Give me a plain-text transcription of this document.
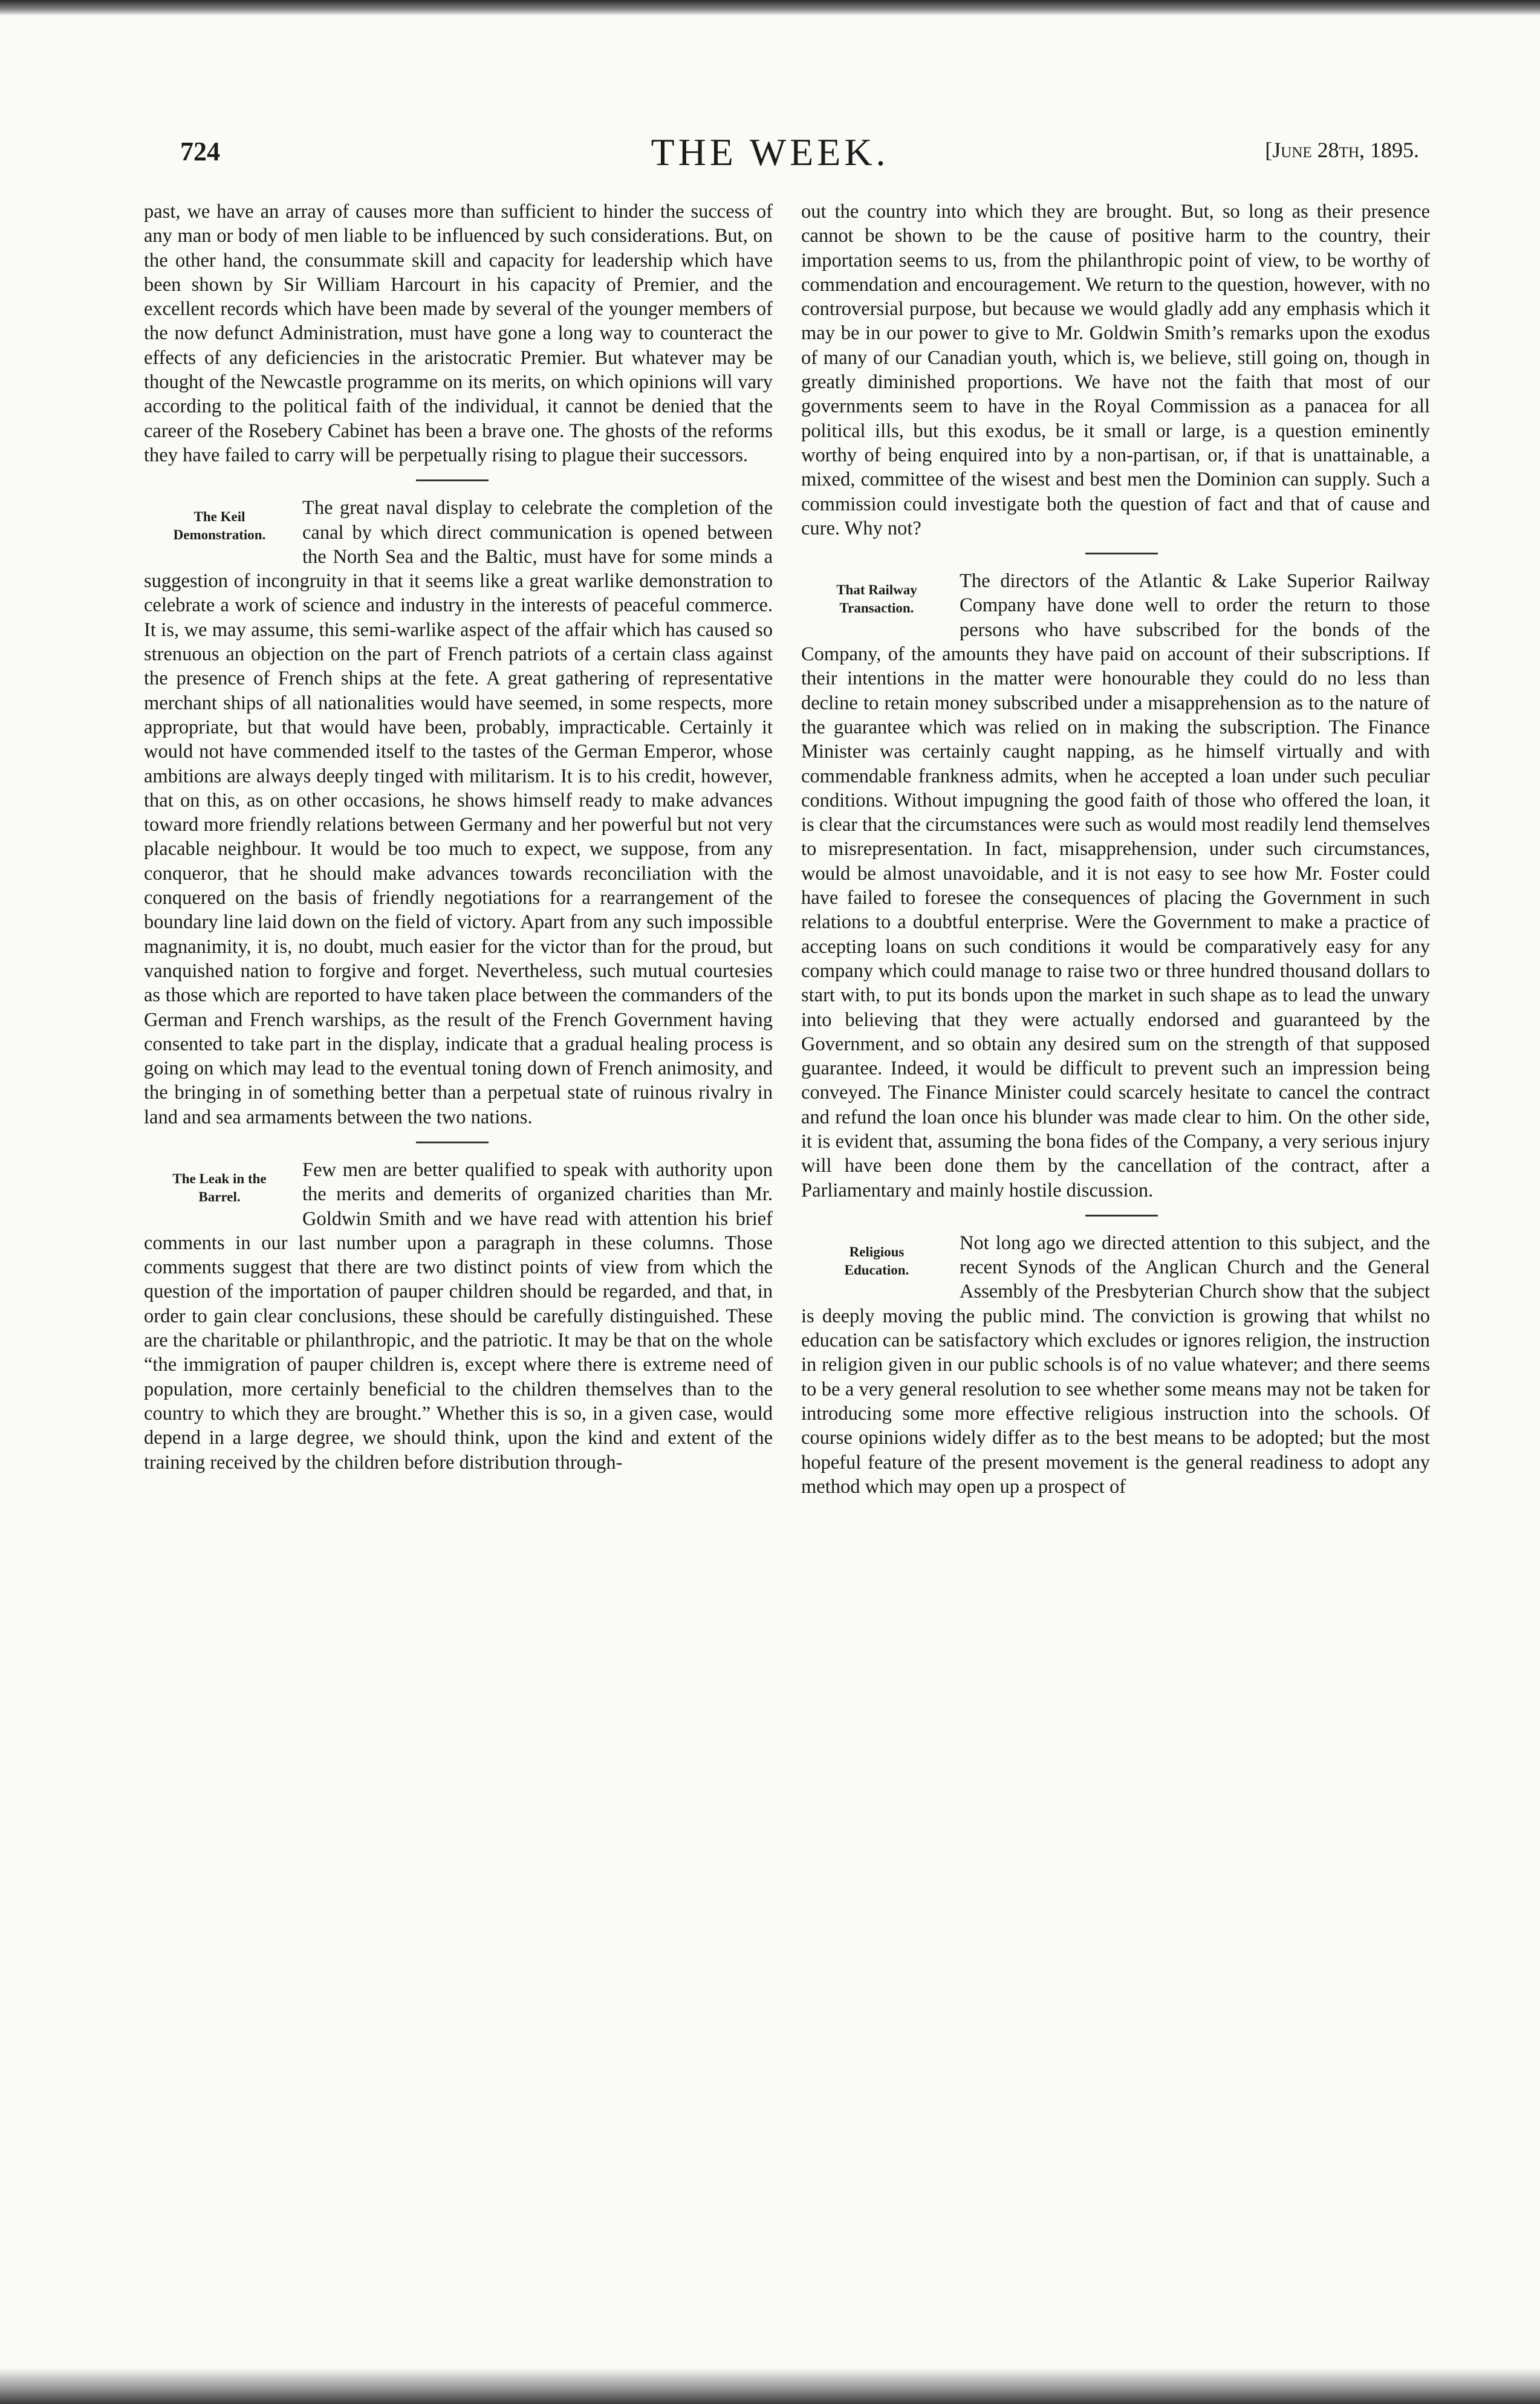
724	THE WEEK.	[June 28th, 1895.

past, we have an array of causes more than sufficient to hinder the success of any man or body of men liable to be influenced by such considerations. But, on the other hand, the consummate skill and capacity for leadership which have been shown by Sir William Harcourt in his capacity of Premier, and the excellent records which have been made by several of the younger members of the now defunct Administration, must have gone a long way to counteract the effects of any deficiencies in the aristocratic Premier. But whatever may be thought of the Newcastle programme on its merits, on which opinions will vary according to the political faith of the individual, it cannot be denied that the career of the Rosebery Cabinet has been a brave one. The ghosts of the reforms they have failed to carry will be perpetually rising to plague their successors.

The Keil
Demonstration.

The great naval display to celebrate the completion of the canal by which direct communication is opened between the North Sea and the Baltic, must have for some minds a suggestion of incongruity in that it seems like a great warlike demonstration to celebrate a work of science and industry in the interests of peaceful commerce. It is, we may assume, this semi-warlike aspect of the affair which has caused so strenuous an objection on the part of French patriots of a certain class against the presence of French ships at the fete. A great gathering of representative merchant ships of all nationalities would have seemed, in some respects, more appropriate, but that would have been, probably, impracticable. Certainly it would not have commended itself to the tastes of the German Emperor, whose ambitions are always deeply tinged with militarism. It is to his credit, however, that on this, as on other occasions, he shows himself ready to make advances toward more friendly relations between Germany and her powerful but not very placable neighbour. It would be too much to expect, we suppose, from any conqueror, that he should make advances towards reconciliation with the conquered on the basis of friendly negotiations for a rearrangement of the boundary line laid down on the field of victory. Apart from any such impossible magnanimity, it is, no doubt, much easier for the victor than for the proud, but vanquished nation to forgive and forget. Nevertheless, such mutual courtesies as those which are reported to have taken place between the commanders of the German and French warships, as the result of the French Government having consented to take part in the display, indicate that a gradual healing process is going on which may lead to the eventual toning down of French animosity, and the bringing in of something better than a perpetual state of ruinous rivalry in land and sea armaments between the two nations.

The Leak in the
Barrel.

Few men are better qualified to speak with authority upon the merits and demerits of organized charities than Mr. Goldwin Smith and we have read with attention his brief comments in our last number upon a paragraph in these columns. Those comments suggest that there are two distinct points of view from which the question of the importation of pauper children should be regarded, and that, in order to gain clear conclusions, these should be carefully distinguished. These are the charitable or philanthropic, and the patriotic. It may be that on the whole “the immigration of pauper children is, except where there is extreme need of population, more certainly beneficial to the children themselves than to the country to which they are brought.” Whether this is so, in a given case, would depend in a large degree, we should think, upon the kind and extent of the training received by the children before distribution through-

out the country into which they are brought. But, so long as their presence cannot be shown to be the cause of positive harm to the country, their importation seems to us, from the philanthropic point of view, to be worthy of commendation and encouragement. We return to the question, however, with no controversial purpose, but because we would gladly add any emphasis which it may be in our power to give to Mr. Goldwin Smith’s remarks upon the exodus of many of our Canadian youth, which is, we believe, still going on, though in greatly diminished proportions. We have not the faith that most of our governments seem to have in the Royal Commission as a panacea for all political ills, but this exodus, be it small or large, is a question eminently worthy of being enquired into by a non-partisan, or, if that is unattainable, a mixed, committee of the wisest and best men the Dominion can supply. Such a commission could investigate both the question of fact and that of cause and cure. Why not?

That Railway
Transaction.

The directors of the Atlantic & Lake Superior Railway Company have done well to order the return to those persons who have subscribed for the bonds of the Company, of the amounts they have paid on account of their subscriptions. If their intentions in the matter were honourable they could do no less than decline to retain money subscribed under a misapprehension as to the nature of the guarantee which was relied on in making the subscription. The Finance Minister was certainly caught napping, as he himself virtually and with commendable frankness admits, when he accepted a loan under such peculiar conditions. Without impugning the good faith of those who offered the loan, it is clear that the circumstances were such as would most readily lend themselves to misrepresentation. In fact, misapprehension, under such circumstances, would be almost unavoidable, and it is not easy to see how Mr. Foster could have failed to foresee the consequences of placing the Government in such relations to a doubtful enterprise. Were the Government to make a practice of accepting loans on such conditions it would be comparatively easy for any company which could manage to raise two or three hundred thousand dollars to start with, to put its bonds upon the market in such shape as to lead the unwary into believing that they were actually endorsed and guaranteed by the Government, and so obtain any desired sum on the strength of that supposed guarantee. Indeed, it would be difficult to prevent such an impression being conveyed. The Finance Minister could scarcely hesitate to cancel the contract and refund the loan once his blunder was made clear to him. On the other side, it is evident that, assuming the bona fides of the Company, a very serious injury will have been done them by the cancellation of the contract, after a Parliamentary and mainly hostile discussion.

Religious
Education.

Not long ago we directed attention to this subject, and the recent Synods of the Anglican Church and the General Assembly of the Presbyterian Church show that the subject is deeply moving the public mind. The conviction is growing that whilst no education can be satisfactory which excludes or ignores religion, the instruction in religion given in our public schools is of no value whatever; and there seems to be a very general resolution to see whether some means may not be taken for introducing some more effective religious instruction into the schools. Of course opinions widely differ as to the best means to be adopted; but the most hopeful feature of the present movement is the general readiness to adopt any method which may open up a prospect of
